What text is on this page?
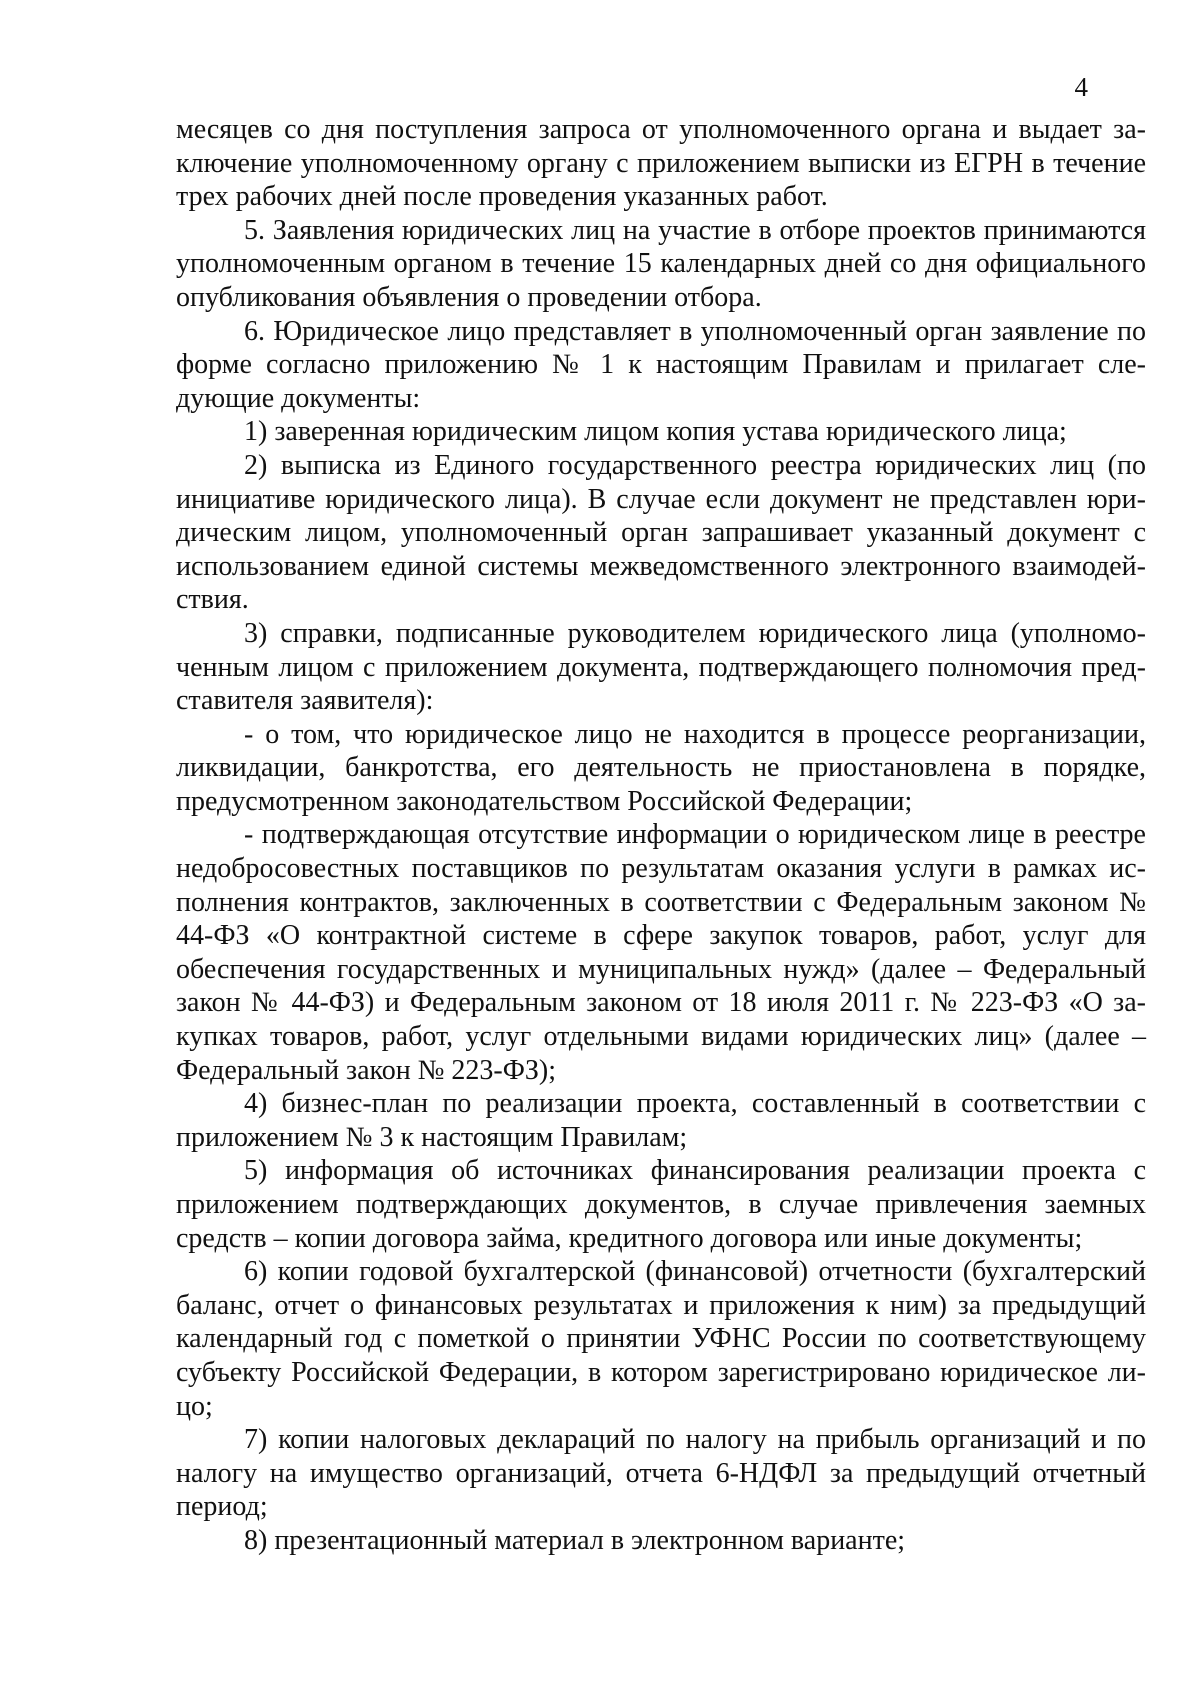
4

месяцев со дня поступления запроса от уполномоченного органа и выдает заключение уполномоченному органу с приложением выписки из ЕГРН в течение трех рабочих дней после проведения указанных работ.

5. Заявления юридических лиц на участие в отборе проектов принимаются уполномоченным органом в течение 15 календарных дней со дня официального опубликования объявления о проведении отбора.

6. Юридическое лицо представляет в уполномоченный орган заявление по форме согласно приложению № 1 к настоящим Правилам и прилагает следующие документы:

1) заверенная юридическим лицом копия устава юридического лица;

2) выписка из Единого государственного реестра юридических лиц (по инициативе юридического лица). В случае если документ не представлен юридическим лицом, уполномоченный орган запрашивает указанный документ с использованием единой системы межведомственного электронного взаимодействия.

3) справки, подписанные руководителем юридического лица (уполномоченным лицом с приложением документа, подтверждающего полномочия представителя заявителя):

- о том, что юридическое лицо не находится в процессе реорганизации, ликвидации, банкротства, его деятельность не приостановлена в порядке, предусмотренном законодательством Российской Федерации;

- подтверждающая отсутствие информации о юридическом лице в реестре недобросовестных поставщиков по результатам оказания услуги в рамках исполнения контрактов, заключенных в соответствии с Федеральным законом № 44-ФЗ «О контрактной системе в сфере закупок товаров, работ, услуг для обеспечения государственных и муниципальных нужд» (далее – Федеральный закон № 44-ФЗ) и Федеральным законом от 18 июля 2011 г. № 223-ФЗ «О закупках товаров, работ, услуг отдельными видами юридических лиц» (далее – Федеральный закон № 223-ФЗ);

4) бизнес-план по реализации проекта, составленный в соответствии с приложением № 3 к настоящим Правилам;

5) информация об источниках финансирования реализации проекта с приложением подтверждающих документов, в случае привлечения заемных средств – копии договора займа, кредитного договора или иные документы;

6) копии годовой бухгалтерской (финансовой) отчетности (бухгалтерский баланс, отчет о финансовых результатах и приложения к ним) за предыдущий календарный год с пометкой о принятии УФНС России по соответствующему субъекту Российской Федерации, в котором зарегистрировано юридическое лицо;

7) копии налоговых деклараций по налогу на прибыль организаций и по налогу на имущество организаций, отчета 6-НДФЛ за предыдущий отчетный период;

8) презентационный материал в электронном варианте;
